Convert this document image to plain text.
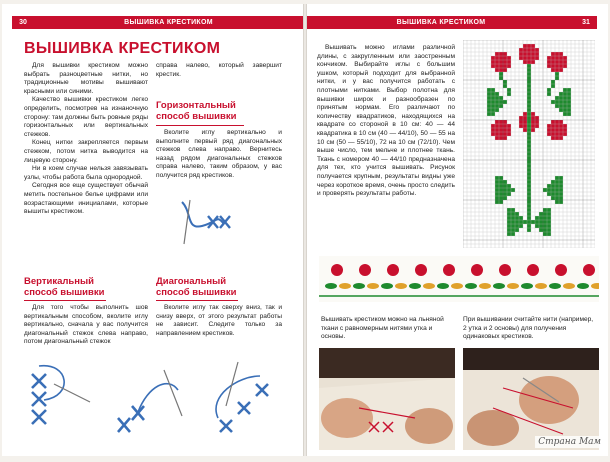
30	ВЫШИВКА КРЕСТИКОМ
ВЫШИВКА КРЕСТИКОМ

Для вышивки крестиком можно выбрать разноцветные нитки, но традиционные мотивы вышивают красными или синими.

Качество вышивки крестиком легко определить, посмотрев на изнаночную сторону: там должны быть ровные ряды горизонтальных или вертикальных стежков.

Конец нитки закрепляется первым стежком, потом нитка выводится на лицевую сторону.

Ни в коем случае нельзя завязывать узлы, чтобы работа была однородной.

Сегодня все еще существует обычай метить постельное белье цифрами или возрастающими инициалами, которые вышиты крестиком.

справа налево, который завершит крестик.

Горизонтальный
способ вышивки

Вколите иглу вертикально и выполните первый ряд диагональных стежков слева направо. Вернитесь назад рядом диагональных стежков справа налево, таким образом, у вас получится ряд крестиков.

Вертикальный
способ вышивки

Для того чтобы выполнить шов вертикальным способом, вколите иглу вертикально, сначала у вас получится диагональный стежок слева направо, потом диагональный стежок

Диагональный
способ вышивки

Вколите иглу так сверху вниз, так и снизу вверх, от этого результат работы не зависит. Следите только за направлением крестиков.

ВЫШИВКА КРЕСТИКОМ	31

Вышивать можно иглами различной длины, с закругленным или заостренным кончиком. Выбирайте иглы с большим ушком, который подходит для выбранной нитки, и у вас получится работать с плотными нитками. Выбор полотна для вышивки широк и разнообразен по принятым нормам. Его различают по количеству квадратиков, находящихся на квадрате со стороной в 10 см: 40 — 44 квадратика в 10 см (40 — 44/10), 50 — 55 на 10 см (50 — 55/10), 72 на 10 см (72/10). Чем выше число, тем мельче и плотнее ткань. Ткань с номером 40 — 44/10 предназначена для тех, кто учится вышивать. Рисунок получается крупным, результаты видны уже через короткое время, очень просто следить и проверять результаты работы.

Вышивать крестиком можно на льняной ткани с равномерным нитями утка и основы.
При вышивании считайте нити (например, 2 утка и 2 основы) для получения одинаковых крестиков.
Страна Мам
